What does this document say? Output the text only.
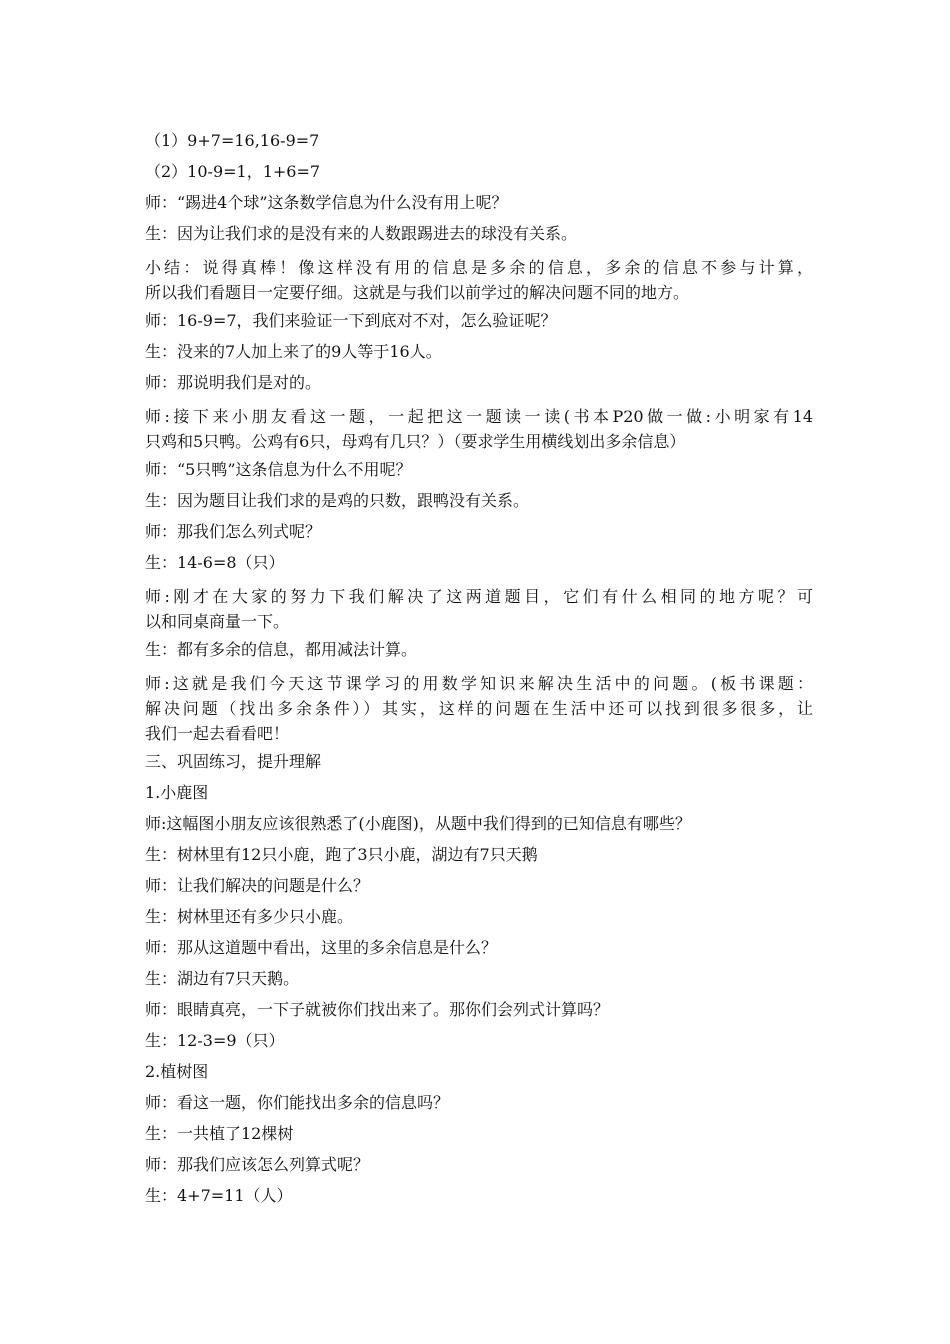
（1）9+7=16,16-9=7
（2）10-9=1，1+6=7
师：“踢进4个球”这条数学信息为什么没有用上呢？
生：因为让我们求的是没有来的人数跟踢进去的球没有关系。
小结：说得真棒！像这样没有用的信息是多余的信息，多余的信息不参与计算，
所以我们看题目一定要仔细。这就是与我们以前学过的解决问题不同的地方。
师：16-9=7，我们来验证一下到底对不对，怎么验证呢？
生：没来的7人加上来了的9人等于16人。
师：那说明我们是对的。
师:接下来小朋友看这一题，一起把这一题读一读(书本P20做一做:小明家有14
只鸡和5只鸭。公鸡有6只，母鸡有几只？）（要求学生用横线划出多余信息）
师：“5只鸭”这条信息为什么不用呢？
生：因为题目让我们求的是鸡的只数，跟鸭没有关系。
师：那我们怎么列式呢？
生：14-6=8（只）
师:刚才在大家的努力下我们解决了这两道题目，它们有什么相同的地方呢？可
以和同桌商量一下。
生：都有多余的信息，都用减法计算。
师:这就是我们今天这节课学习的用数学知识来解决生活中的问题。(板书课题：
解决问题（找出多余条件））其实，这样的问题在生活中还可以找到很多很多，让
我们一起去看看吧！
三、巩固练习，提升理解
1.小鹿图
师:这幅图小朋友应该很熟悉了(小鹿图)，从题中我们得到的已知信息有哪些？
生：树林里有12只小鹿，跑了3只小鹿，湖边有7只天鹅
师：让我们解决的问题是什么？
生：树林里还有多少只小鹿。
师：那从这道题中看出，这里的多余信息是什么？
生：湖边有7只天鹅。
师：眼睛真亮，一下子就被你们找出来了。那你们会列式计算吗？
生：12-3=9（只）
2.植树图
师：看这一题，你们能找出多余的信息吗？
生：一共植了12棵树
师：那我们应该怎么列算式呢？
生：4+7=11（人）
